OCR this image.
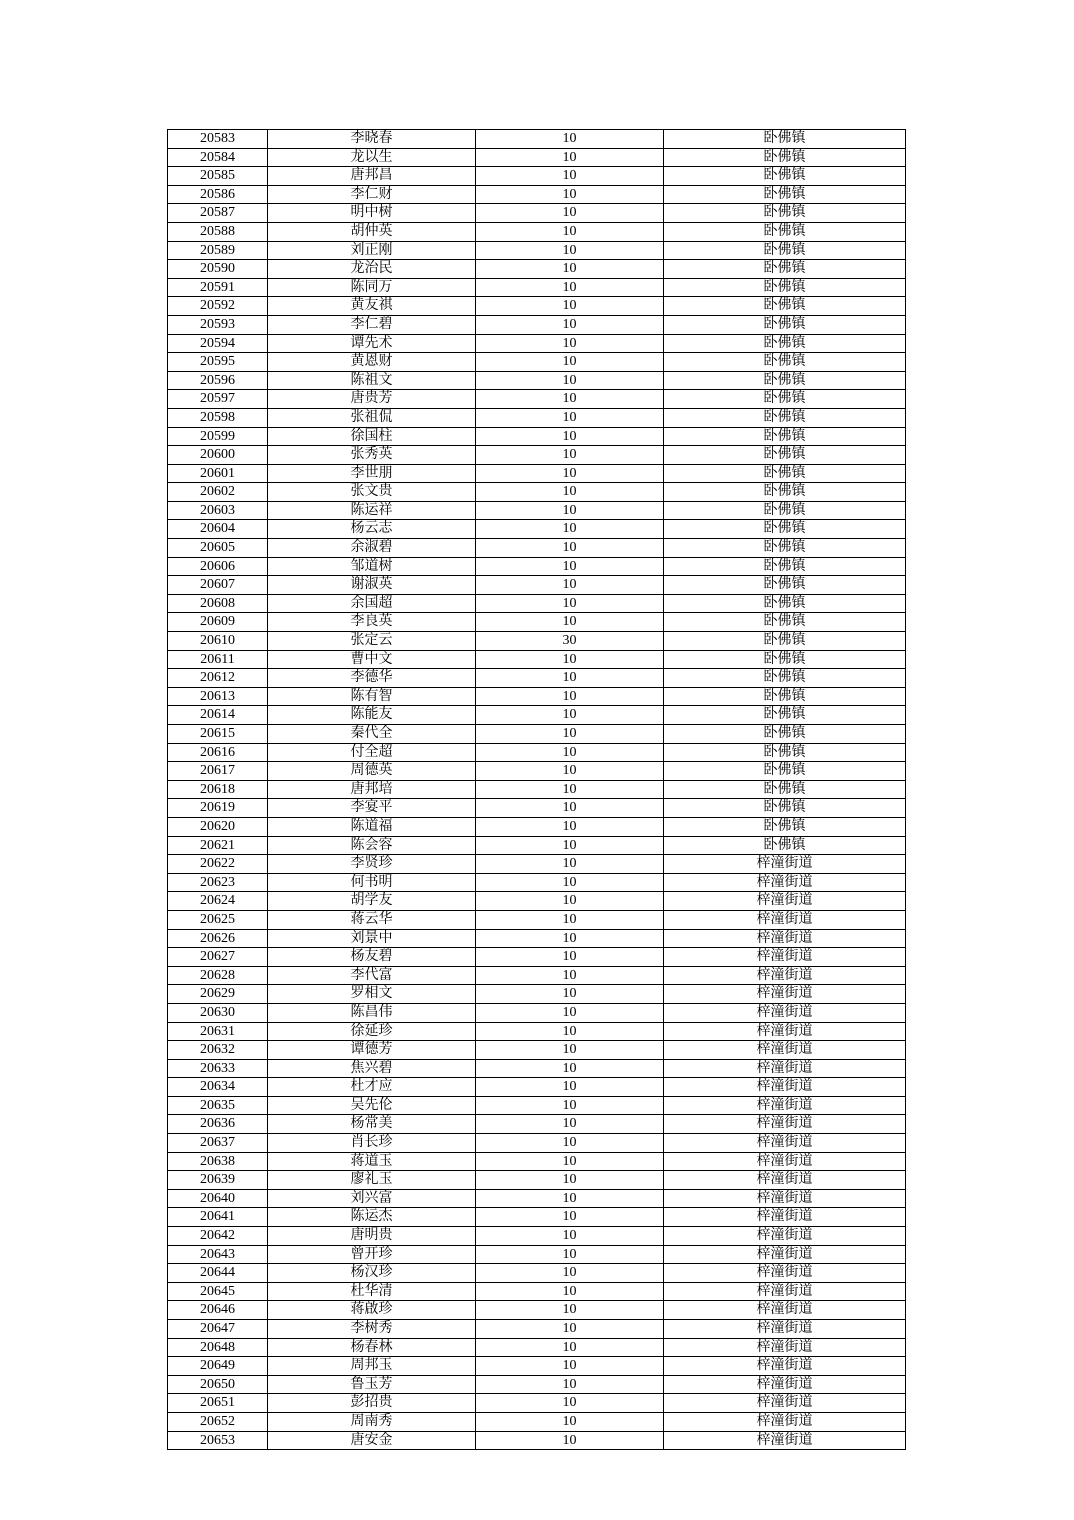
20583	李晓春	10	卧佛镇
20584	龙以生	10	卧佛镇
20585	唐邦昌	10	卧佛镇
20586	李仁财	10	卧佛镇
20587	明中树	10	卧佛镇
20588	胡仲英	10	卧佛镇
20589	刘正刚	10	卧佛镇
20590	龙治民	10	卧佛镇
20591	陈同万	10	卧佛镇
20592	黄友祺	10	卧佛镇
20593	李仁碧	10	卧佛镇
20594	谭先术	10	卧佛镇
20595	黄恩财	10	卧佛镇
20596	陈祖文	10	卧佛镇
20597	唐贵芳	10	卧佛镇
20598	张祖侃	10	卧佛镇
20599	徐国柱	10	卧佛镇
20600	张秀英	10	卧佛镇
20601	李世朋	10	卧佛镇
20602	张文贵	10	卧佛镇
20603	陈运祥	10	卧佛镇
20604	杨云志	10	卧佛镇
20605	余淑碧	10	卧佛镇
20606	邹道树	10	卧佛镇
20607	谢淑英	10	卧佛镇
20608	余国超	10	卧佛镇
20609	李良英	10	卧佛镇
20610	张定云	30	卧佛镇
20611	曹中文	10	卧佛镇
20612	李德华	10	卧佛镇
20613	陈有智	10	卧佛镇
20614	陈能友	10	卧佛镇
20615	秦代全	10	卧佛镇
20616	付全超	10	卧佛镇
20617	周德英	10	卧佛镇
20618	唐邦培	10	卧佛镇
20619	李宴平	10	卧佛镇
20620	陈道福	10	卧佛镇
20621	陈会容	10	卧佛镇
20622	李贤珍	10	梓潼街道
20623	何书明	10	梓潼街道
20624	胡学友	10	梓潼街道
20625	蒋云华	10	梓潼街道
20626	刘景中	10	梓潼街道
20627	杨友碧	10	梓潼街道
20628	李代富	10	梓潼街道
20629	罗相文	10	梓潼街道
20630	陈昌伟	10	梓潼街道
20631	徐延珍	10	梓潼街道
20632	谭德芳	10	梓潼街道
20633	焦兴碧	10	梓潼街道
20634	杜才应	10	梓潼街道
20635	吴先伦	10	梓潼街道
20636	杨常美	10	梓潼街道
20637	肖长珍	10	梓潼街道
20638	蒋道玉	10	梓潼街道
20639	廖礼玉	10	梓潼街道
20640	刘兴富	10	梓潼街道
20641	陈运杰	10	梓潼街道
20642	唐明贵	10	梓潼街道
20643	曾开珍	10	梓潼街道
20644	杨汉珍	10	梓潼街道
20645	杜华清	10	梓潼街道
20646	蒋啟珍	10	梓潼街道
20647	李树秀	10	梓潼街道
20648	杨春林	10	梓潼街道
20649	周邦玉	10	梓潼街道
20650	鲁玉芳	10	梓潼街道
20651	彭招贵	10	梓潼街道
20652	周南秀	10	梓潼街道
20653	唐安金	10	梓潼街道
